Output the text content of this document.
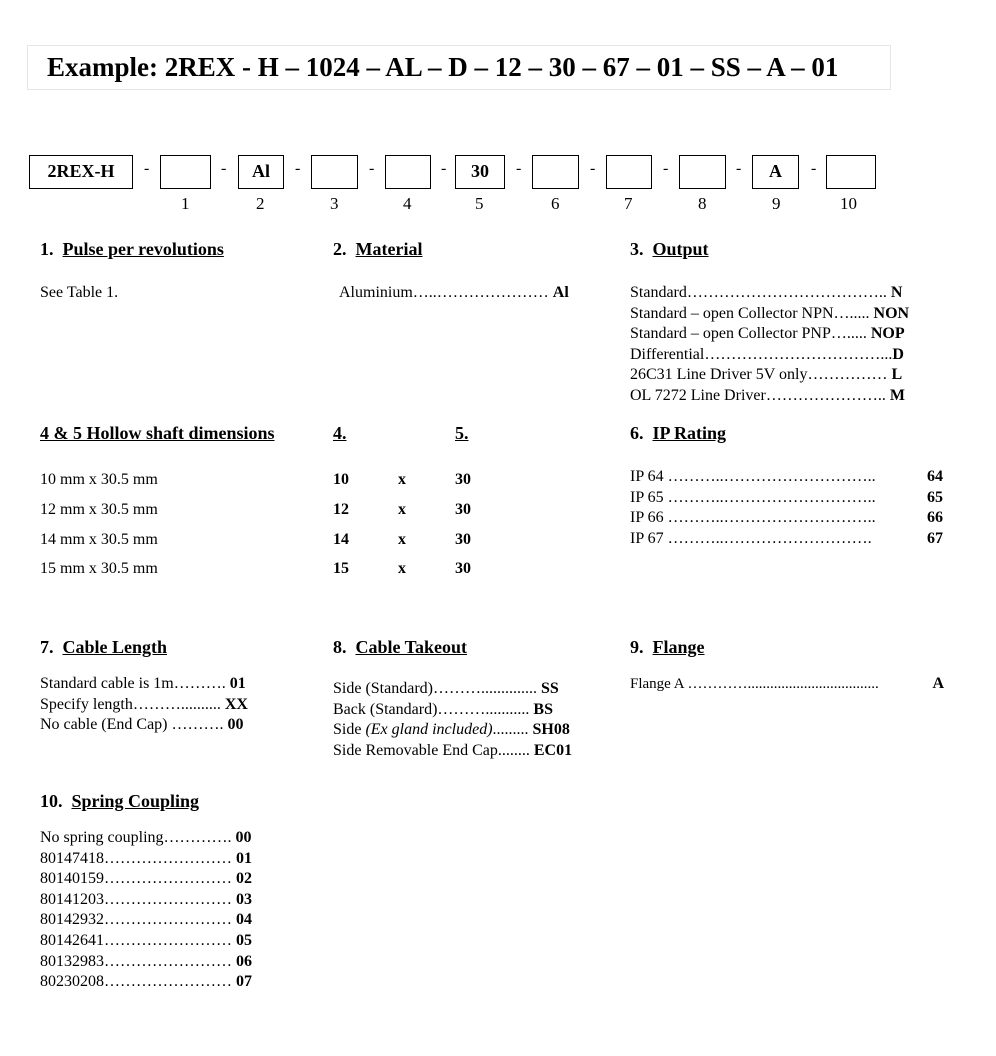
Example: 2REX - H – 1024 – AL – D – 12 – 30 – 67 – 01 – SS – A – 01
2REX-H	-	-	Al	-	-	-	30	-	-	-	-	A	-
1	2	3	4	5	6	7	8	9	10
1. Pulse per revolutions
See Table 1.
2. Material
Aluminium…..………………… Al
3. Output
Standard……………………………….. N
Standard – open Collector NPN…..... NON
Standard – open Collector PNP…..... NOP
Differential……………………………...D
26C31 Line Driver 5V only…………… L
OL 7272 Line Driver………………….. M
4 & 5 Hollow shaft dimensions	4.	5.
10 mm x 30.5 mm	10	x	30
12 mm x 30.5 mm	12	x	30
14 mm x 30.5 mm	14	x	30
15 mm x 30.5 mm	15	x	30
6. IP Rating
IP 64 ………..………………………..	64
IP 65 ………..………………………..	65
IP 66 ………..………………………..	66
IP 67 ………..……………………….	67
7. Cable Length
Standard cable is 1m………. 01
Specify length……….......... XX
No cable (End Cap) ………. 00
8. Cable Takeout
Side (Standard)……….............. SS
Back (Standard)………........... BS
Side (Ex gland included)......... SH08
Side Removable End Cap........ EC01
9. Flange
Flange A …………...................................	A
10. Spring Coupling
No spring coupling…………. 00
80147418…………………… 01
80140159…………………… 02
80141203…………………… 03
80142932…………………… 04
80142641…………………… 05
80132983…………………… 06
80230208…………………… 07
